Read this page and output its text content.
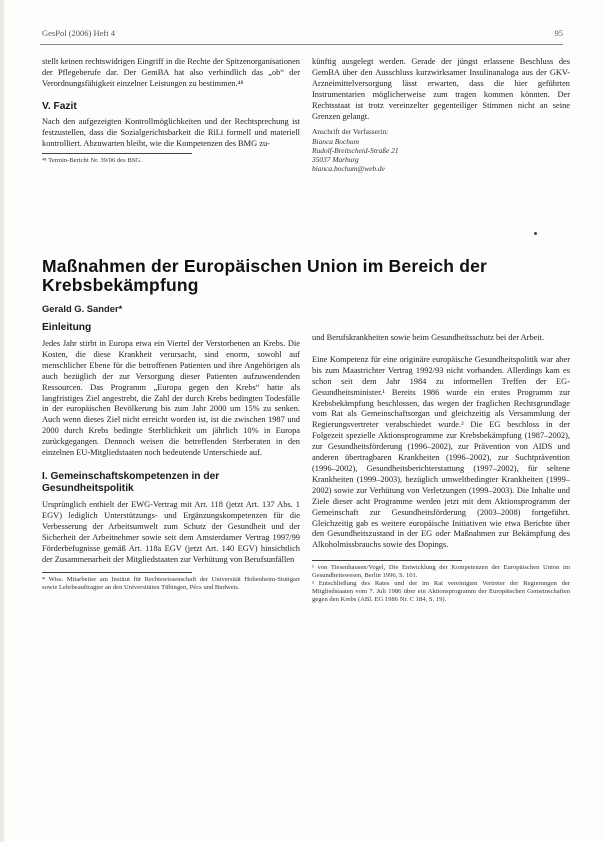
GesPol (2006) Heft 4	95

stellt keinen rechtswidrigen Eingriff in die Rechte der Spitzenorganisationen der Pflegeberufe dar. Der GemBA hat also verbindlich das „ob“ der Verordnungsfähigkeit einzelner Leistungen zu bestimmen.⁴⁸

V. Fazit

Nach den aufgezeigten Kontrollmöglichkeiten und der Rechtsprechung ist festzustellen, dass die Sozialgerichtsbarkeit die RiLi formell und materiell kontrolliert. Abzuwarten bleibt, wie die Kompetenzen des BMG zu-

⁴⁸ Termin-Bericht Nr. 39/06 des BSG.

künftig ausgelegt werden. Gerade der jüngst erlassene Beschluss des GemBA über den Ausschluss kurzwirksamer Insulinanaloga aus der GKV-Arzneimittelversorgung lässt erwarten, dass die hier geführten Instrumentarien möglicherweise zum tragen kommen könnten. Der Rechtsstaat ist trotz vereinzelter gegenteiliger Stimmen nicht an seine Grenzen gelangt.

Anschrift der Verfasserin:
Bianca Bochum
Rudolf-Breitscheid-Straße 21
35037 Marburg
bianca.bochum@web.de
Maßnahmen der Europäischen Union im Bereich der
Krebsbekämpfung
Gerald G. Sander*
Einleitung

Jedes Jahr stirbt in Europa etwa ein Viertel der Verstorbenen an Krebs. Die Kosten, die diese Krankheit verursacht, sind enorm, sowohl auf menschlicher Ebene für die betroffenen Patienten und ihre Angehörigen als auch bezüglich der zur Versorgung dieser Patienten aufzuwendenden Ressourcen. Das Programm „Europa gegen den Krebs“ hatte als langfristiges Ziel angestrebt, die Zahl der durch Krebs bedingten Todesfälle in der europäischen Bevölkerung bis zum Jahr 2000 um 15% zu senken. Auch wenn dieses Ziel nicht erreicht worden ist, ist die zwischen 1987 und 2000 durch Krebs bedingte Sterblichkeit um jährlich 10% in Europa zurückgegangen. Dennoch weisen die betreffenden Sterberaten in den einzelnen EU-Mitgliedstaaten noch bedeutende Unterschiede auf.

I. Gemeinschaftskompetenzen in der
Gesundheitspolitik

Ursprünglich enthielt der EWG-Vertrag mit Art. 118 (jetzt Art. 137 Abs. 1 EGV) lediglich Unterstützungs- und Ergänzungskompetenzen für die Verbesserung der Arbeitsumwelt zum Schutz der Gesundheit und der Sicherheit der Arbeitnehmer sowie seit dem Amsterdamer Vertrag 1997/99 Förderbefugnisse gemäß Art. 118a EGV (jetzt Art. 140 EGV) hinsichtlich der Zusammenarbeit der Mitgliedstaaten zur Verhütung von Berufsunfällen

* Wiss. Mitarbeiter am Institut für Rechtswissenschaft der Universität Hohenheim-Stuttgart sowie Lehrbeauftragter an den Universitäten Tübingen, Pécs und Budweis.

und Berufskrankheiten sowie beim Gesundheitsschutz bei der Arbeit.

Eine Kompetenz für eine originäre europäische Gesundheitspolitik war aber bis zum Maastrichter Vertrag 1992/93 nicht vorhanden. Allerdings kam es schon seit dem Jahr 1984 zu informellen Treffen der EG-Gesundheitsminister.¹ Bereits 1986 wurde ein erstes Programm zur Krebsbekämpfung beschlossen, das wegen der fraglichen Rechtsgrundlage vom Rat als Gemeinschaftsorgan und gleichzeitig als Versammlung der Regierungsvertreter verabschiedet wurde.² Die EG beschloss in der Folgezeit spezielle Aktionsprogramme zur Krebsbekämpfung (1987–2002), zur Gesundheitsförderung (1996–2002), zur Prävention von AIDS und anderen übertragbaren Krankheiten (1996–2002), zur Suchtprävention (1996–2002), Gesundheitsberichterstattung (1997–2002), für seltene Krankheiten (1999–2003), bezüglich umweltbedingter Krankheiten (1999–2002) sowie zur Verhütung von Verletzungen (1999–2003). Die Inhalte und Ziele dieser acht Programme werden jetzt mit dem Aktionsprogramm der Gemeinschaft zur Gesundheitsförderung (2003–2008) fortgeführt. Gleichzeitig gab es weitere europäische Initiativen wie etwa Berichte über den Gesundheitszustand in der EG oder Maßnahmen zur Bekämpfung des Alkoholmissbrauchs sowie des Dopings.

¹ von Tiesenhausen/Vogel, Die Entwicklung der Kompetenzen der Europäischen Union im Gesundheitswesen, Berlin 1996, S. 101.

² Entschließung des Rates und der im Rat vereinigten Vertreter der Regierungen der Mitgliedstaaten vom 7. Juli 1986 über ein Aktionsprogramm der Europäischen Gemeinschaften gegen den Krebs (ABl. EG 1986 Nr. C 184, S. 19).
